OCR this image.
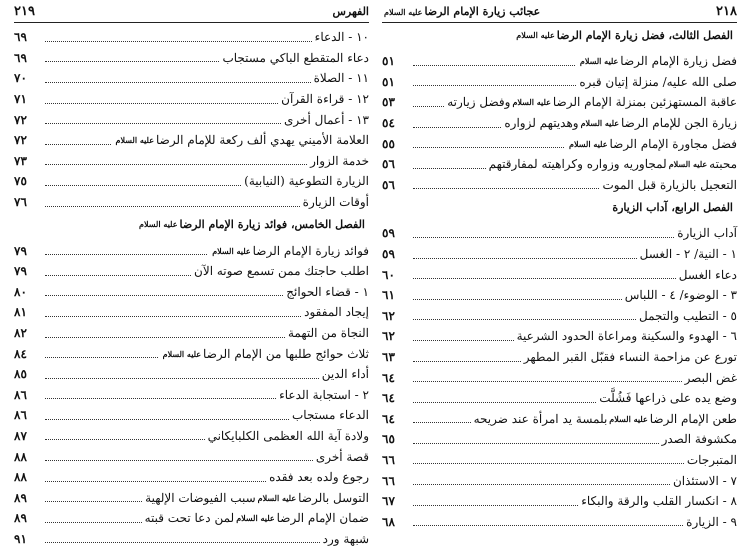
الفهرس
٢١٩
١٠ - الدعاء
٦٩
دعاء المتقطع الباكي مستجاب
٦٩
١١ - الصلاة
٧٠
١٢ - قراءة القرآن
٧١
١٣ - أعمال أخرى
٧٢
العلامة الأميني يهدي ألف ركعة للإمام الرضا
عليه السلام
٧٢
خدمة الزوار
٧٣
الزيارة التطوعية (النيابية)
٧٥
أوقات الزيارة
٧٦
الفصل الخامس، فوائد زيارة الإمام الرضا
عليه السلام
فوائد زيارة الإمام الرضا
عليه السلام
٧٩
اطلب حاجتك ممن تسمع صوته الآن
٧٩
١ - قضاء الحوائج
٨٠
إيجاد المفقود
٨١
النجاة من التهمة
٨٢
ثلاث حوائج طلبها من الإمام الرضا
عليه السلام
٨٤
أداء الدين
٨٥
٢ - استجابة الدعاء
٨٦
الدعاء مستجاب
٨٦
ولادة آية الله العظمى الكلبايكاني
٨٧
قصة أخرى
٨٨
رجوع ولده بعد فقده
٨٨
التوسل بالرضا
عليه السلام
سبب الفيوضات الإلهية
٨٩
ضمان الإمام الرضا
عليه السلام
لمن دعا تحت قبته
٨٩
شبهة ورد
٩١
٢١٨
عجائب زيارة الإمام الرضاعليه السلام
الفصل الثالث، فضل زيارة الإمام الرضا
عليه السلام
فضل زيارة الإمام الرضا
عليه السلام
٥١
صلى الله عليه/ منزلة إتيان قبره
٥١
عاقبة المستهزئين بمنزلة الإمام الرضا
عليه السلام
وفضل زيارته
٥٣
زيارة الجن للإمام الرضا
عليه السلام
وهديتهم لزواره
٥٤
فضل مجاورة الإمام الرضا
عليه السلام
٥٥
محبته
عليه السلام
لمجاوريه وزواره وكراهيته لمفارقتهم
٥٦
التعجيل بالزيارة قبل الموت
٥٦
الفصل الرابع، آداب الزيارة
آداب الزيارة
٥٩
١ - النية/ ٢ - الغسل
٥٩
دعاء الغسل
٦٠
٣ - الوضوء/ ٤ - اللباس
٦١
٥ - التطيب والتجمل
٦٢
٦ - الهدوء والسكينة ومراعاة الحدود الشرعية
٦٢
تورع عن مزاحمة النساء فقبّل القبر المطهر
٦٣
غض البصر
٦٤
وضع يده على ذراعها فَشُلَّت
٦٤
طعن الإمام الرضا
عليه السلام
بلمسة يد امرأة عند ضريحه
٦٤
مكشوفة الصدر
٦٥
المتبرجات
٦٦
٧ - الاستئذان
٦٦
٨ - انكسار القلب والرقة والبكاء
٦٧
٩ - الزيارة
٦٨
